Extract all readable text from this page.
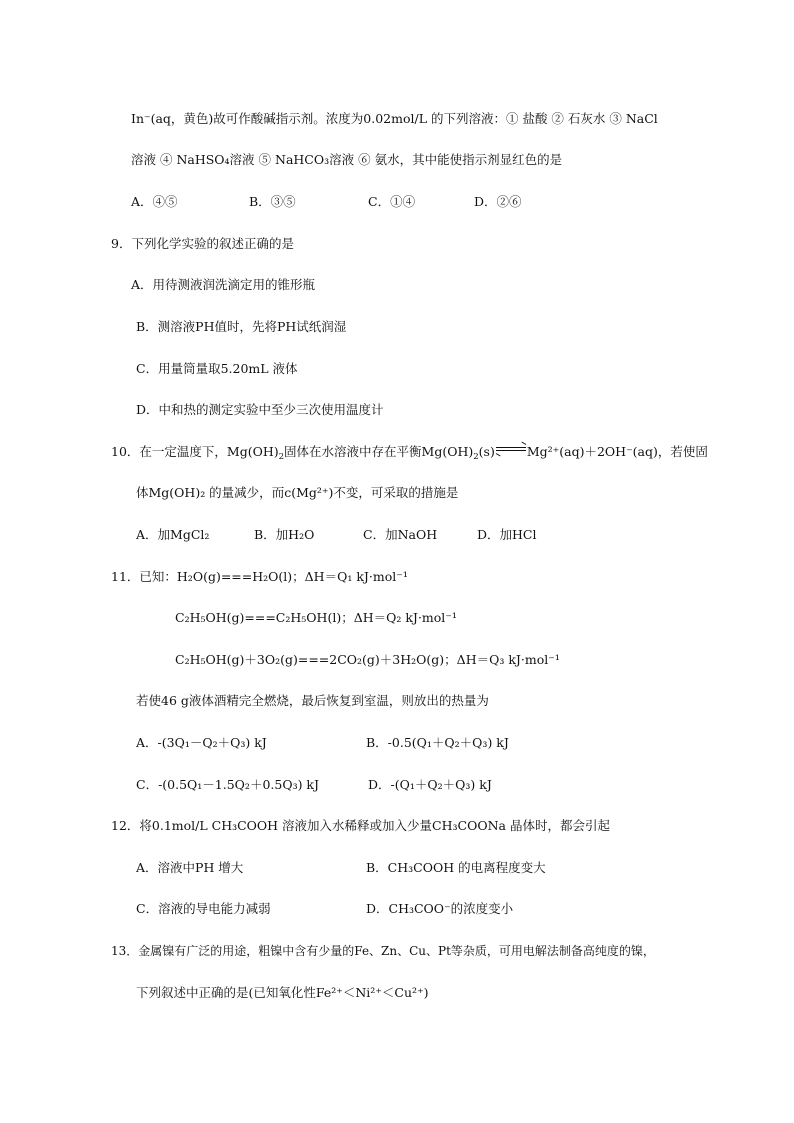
In⁻(aq，黄色)故可作酸碱指示剂。浓度为0.02mol/L 的下列溶液：① 盐酸 ② 石灰水 ③ NaCl
溶液 ④ NaHSO₄溶液 ⑤ NaHCO₃溶液 ⑥ 氨水，其中能使指示剂显红色的是
A．④⑤	B．③⑤	C．①④	D．②⑥
9．下列化学实验的叙述正确的是
A．用待测液润洗滴定用的锥形瓶
B．测溶液PH值时，先将PH试纸润湿
C．用量筒量取5.20mL 液体
D．中和热的测定实验中至少三次使用温度计
10．在一定温度下，$Mg(OH)_2$固体在水溶液中存在平衡$Mg(OH)_2(s)$	Mg²⁺(aq)＋2OH⁻(aq)，若使固
体Mg(OH)₂ 的量减少，而c(Mg²⁺)不变，可采取的措施是
A．加MgCl₂	B．加H₂O	C．加NaOH	D．加HCl
11．已知：H₂O(g)===H₂O(l)；ΔH＝Q₁ kJ·mol⁻¹
C₂H₅OH(g)===C₂H₅OH(l)；ΔH＝Q₂ kJ·mol⁻¹
C₂H₅OH(g)＋3O₂(g)===2CO₂(g)＋3H₂O(g)；ΔH＝Q₃ kJ·mol⁻¹
若使46 g液体酒精完全燃烧，最后恢复到室温，则放出的热量为
A．-(3Q₁－Q₂＋Q₃) kJ	B．-0.5(Q₁＋Q₂＋Q₃) kJ
C．-(0.5Q₁－1.5Q₂＋0.5Q₃) kJ	D．-(Q₁＋Q₂＋Q₃) kJ
12．将0.1mol/L CH₃COOH 溶液加入水稀释或加入少量CH₃COONa 晶体时，都会引起
A．溶液中PH 增大	B．CH₃COOH 的电离程度变大
C．溶液的导电能力减弱	D．CH₃COO⁻的浓度变小
13．金属镍有广泛的用途，粗镍中含有少量的Fe、Zn、Cu、Pt等杂质，可用电解法制备高纯度的镍，
下列叙述中正确的是(已知氧化性Fe²⁺＜Ni²⁺＜Cu²⁺)
